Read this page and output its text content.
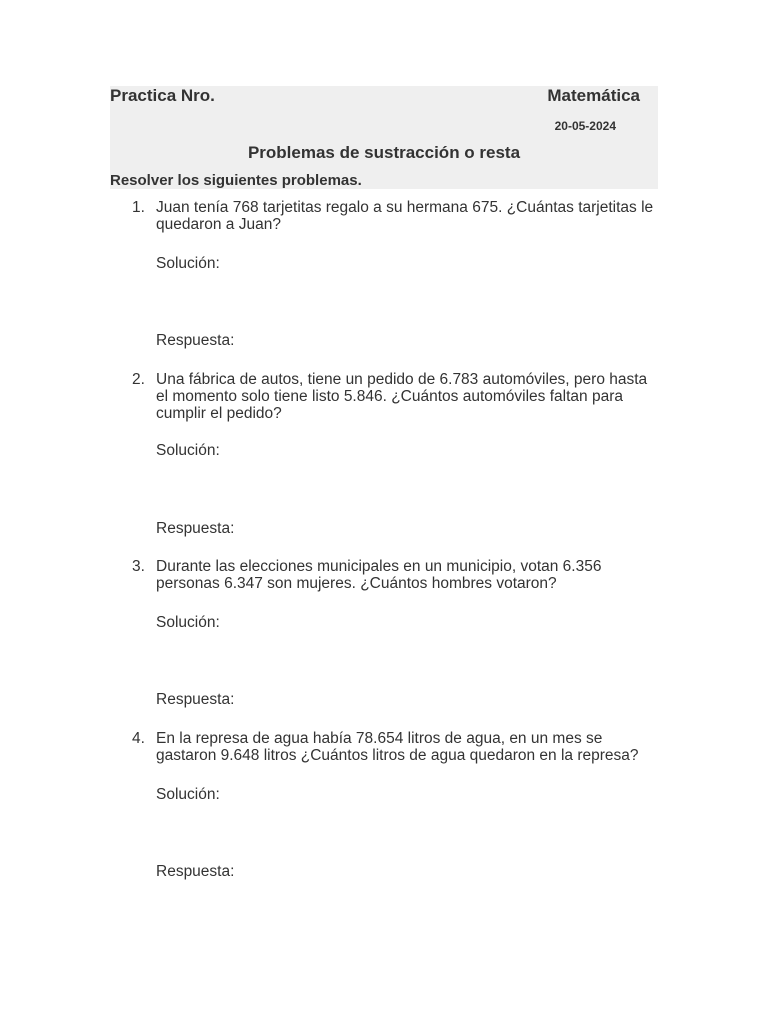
Practica Nro.	Matemática
20-05-2024
Problemas de sustracción o resta
Resolver los siguientes problemas.
1. Juan tenía 768 tarjetitas regalo a su hermana 675. ¿Cuántas tarjetitas le quedaron a Juan?
Solución:
Respuesta:
2. Una fábrica de autos, tiene un pedido de 6.783 automóviles, pero hasta el momento solo tiene listo 5.846. ¿Cuántos automóviles faltan para cumplir el pedido?
Solución:
Respuesta:
3. Durante las elecciones municipales en un municipio, votan 6.356 personas 6.347 son mujeres. ¿Cuántos hombres votaron?
Solución:
Respuesta:
4. En la represa de agua había 78.654 litros de agua, en un mes se gastaron 9.648 litros ¿Cuántos litros de agua quedaron en la represa?
Solución:
Respuesta:
